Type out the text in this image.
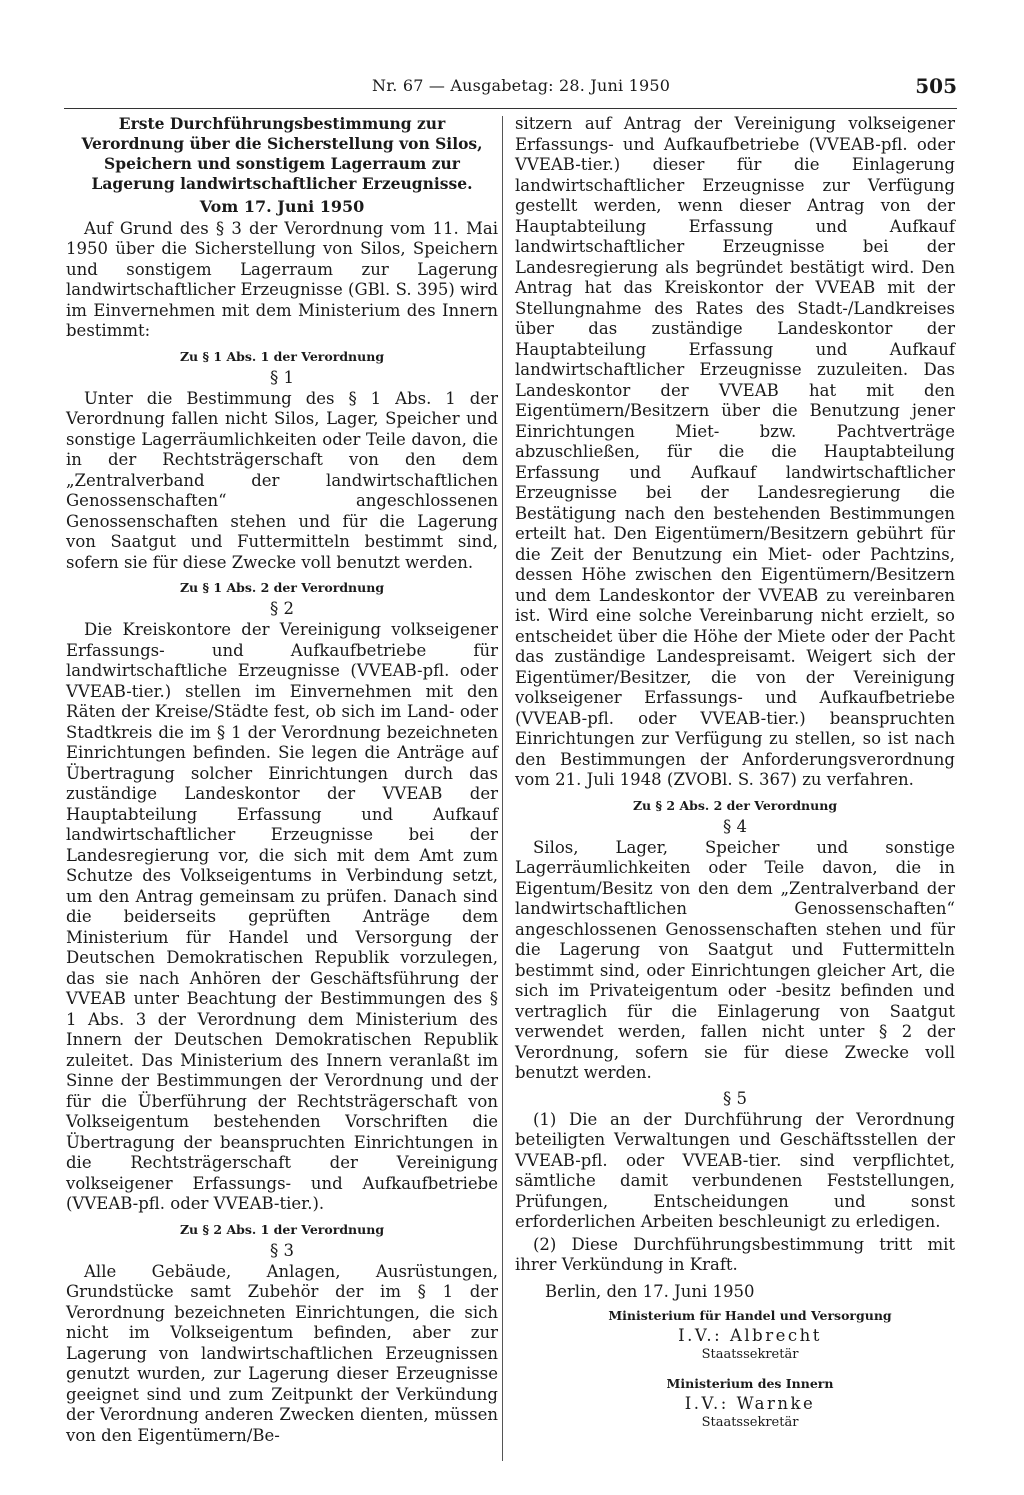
Nr. 67 — Ausgabetag: 28. Juni 1950	505
Erste Durchführungsbestimmung zur Verordnung über die Sicherstellung von Silos, Speichern und sonstigem Lagerraum zur Lagerung landwirtschaftlicher Erzeugnisse.
Vom 17. Juni 1950

Auf Grund des § 3 der Verordnung vom 11. Mai 1950 über die Sicherstellung von Silos, Speichern und sonstigem Lagerraum zur Lagerung landwirtschaftlicher Erzeugnisse (GBl. S. 395) wird im Einvernehmen mit dem Ministerium des Innern bestimmt:

Zu § 1 Abs. 1 der Verordnung
§ 1

Unter die Bestimmung des § 1 Abs. 1 der Verordnung fallen nicht Silos, Lager, Speicher und sonstige Lagerräumlichkeiten oder Teile davon, die in der Rechtsträgerschaft von den dem „Zentralverband der landwirtschaftlichen Genossenschaften“ angeschlossenen Genossenschaften stehen und für die Lagerung von Saatgut und Futtermitteln bestimmt sind, sofern sie für diese Zwecke voll benutzt werden.

Zu § 1 Abs. 2 der Verordnung
§ 2

Die Kreiskontore der Vereinigung volkseigener Erfassungs- und Aufkaufbetriebe für landwirtschaftliche Erzeugnisse (VVEAB-pfl. oder VVEAB-tier.) stellen im Einvernehmen mit den Räten der Kreise/Städte fest, ob sich im Land- oder Stadtkreis die im § 1 der Verordnung bezeichneten Einrichtungen befinden. Sie legen die Anträge auf Übertragung solcher Einrichtungen durch das zuständige Landeskontor der VVEAB der Hauptabteilung Erfassung und Aufkauf landwirtschaftlicher Erzeugnisse bei der Landesregierung vor, die sich mit dem Amt zum Schutze des Volkseigentums in Verbindung setzt, um den Antrag gemeinsam zu prüfen. Danach sind die beiderseits geprüften Anträge dem Ministerium für Handel und Versorgung der Deutschen Demokratischen Republik vorzulegen, das sie nach Anhören der Geschäftsführung der VVEAB unter Beachtung der Bestimmungen des § 1 Abs. 3 der Verordnung dem Ministerium des Innern der Deutschen Demokratischen Republik zuleitet. Das Ministerium des Innern veranlaßt im Sinne der Bestimmungen der Verordnung und der für die Überführung der Rechtsträgerschaft von Volkseigentum bestehenden Vorschriften die Übertragung der beanspruchten Einrichtungen in die Rechtsträgerschaft der Vereinigung volkseigener Erfassungs- und Aufkaufbetriebe (VVEAB-pfl. oder VVEAB-tier.).

Zu § 2 Abs. 1 der Verordnung
§ 3

Alle Gebäude, Anlagen, Ausrüstungen, Grundstücke samt Zubehör der im § 1 der Verordnung bezeichneten Einrichtungen, die sich nicht im Volkseigentum befinden, aber zur Lagerung von landwirtschaftlichen Erzeugnissen genutzt wurden, zur Lagerung dieser Erzeugnisse geeignet sind und zum Zeitpunkt der Verkündung der Verordnung anderen Zwecken dienten, müssen von den Eigentümern/Be-

sitzern auf Antrag der Vereinigung volkseigener Erfassungs- und Aufkaufbetriebe (VVEAB-pfl. oder VVEAB-tier.) dieser für die Einlagerung landwirtschaftlicher Erzeugnisse zur Verfügung gestellt werden, wenn dieser Antrag von der Hauptabteilung Erfassung und Aufkauf landwirtschaftlicher Erzeugnisse bei der Landesregierung als begründet bestätigt wird. Den Antrag hat das Kreiskontor der VVEAB mit der Stellungnahme des Rates des Stadt-/Landkreises über das zuständige Landeskontor der Hauptabteilung Erfassung und Aufkauf landwirtschaftlicher Erzeugnisse zuzuleiten. Das Landeskontor der VVEAB hat mit den Eigentümern/Besitzern über die Benutzung jener Einrichtungen Miet- bzw. Pachtverträge abzuschließen, für die die Hauptabteilung Erfassung und Aufkauf landwirtschaftlicher Erzeugnisse bei der Landesregierung die Bestätigung nach den bestehenden Bestimmungen erteilt hat. Den Eigentümern/Besitzern gebührt für die Zeit der Benutzung ein Miet- oder Pachtzins, dessen Höhe zwischen den Eigentümern/Besitzern und dem Landeskontor der VVEAB zu vereinbaren ist. Wird eine solche Vereinbarung nicht erzielt, so entscheidet über die Höhe der Miete oder der Pacht das zuständige Landespreisamt. Weigert sich der Eigentümer/Besitzer, die von der Vereinigung volkseigener Erfassungs- und Aufkaufbetriebe (VVEAB-pfl. oder VVEAB-tier.) beanspruchten Einrichtungen zur Verfügung zu stellen, so ist nach den Bestimmungen der Anforderungsverordnung vom 21. Juli 1948 (ZVOBl. S. 367) zu verfahren.

Zu § 2 Abs. 2 der Verordnung
§ 4

Silos, Lager, Speicher und sonstige Lagerräumlichkeiten oder Teile davon, die in Eigentum/Besitz von den dem „Zentralverband der landwirtschaftlichen Genossenschaften“ angeschlossenen Genossenschaften stehen und für die Lagerung von Saatgut und Futtermitteln bestimmt sind, oder Einrichtungen gleicher Art, die sich im Privateigentum oder -besitz befinden und vertraglich für die Einlagerung von Saatgut verwendet werden, fallen nicht unter § 2 der Verordnung, sofern sie für diese Zwecke voll benutzt werden.

§ 5

(1) Die an der Durchführung der Verordnung beteiligten Verwaltungen und Geschäftsstellen der VVEAB-pfl. oder VVEAB-tier. sind verpflichtet, sämtliche damit verbundenen Feststellungen, Prüfungen, Entscheidungen und sonst erforderlichen Arbeiten beschleunigt zu erledigen.

(2) Diese Durchführungsbestimmung tritt mit ihrer Verkündung in Kraft.

Berlin, den 17. Juni 1950

Ministerium für Handel und Versorgung
I.V.: Albrecht
Staatssekretär
Ministerium des Innern
I.V.: Warnke
Staatssekretär
